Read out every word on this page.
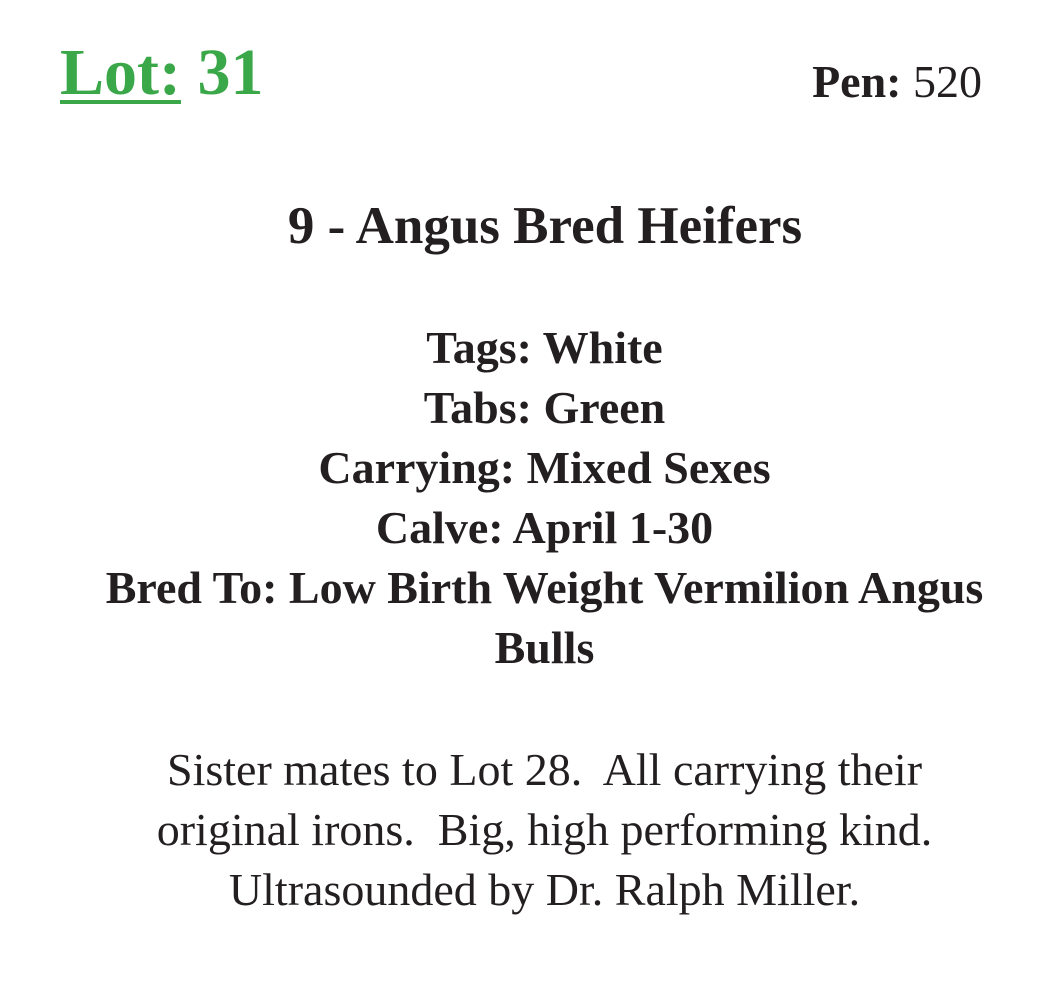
Lot: 31	Pen: 520
9 - Angus Bred Heifers
Tags: White
Tabs: Green
Carrying: Mixed Sexes
Calve: April 1-30
Bred To: Low Birth Weight Vermilion Angus
Bulls
Sister mates to Lot 28.  All carrying their
original irons.  Big, high performing kind.
Ultrasounded by Dr. Ralph Miller.
